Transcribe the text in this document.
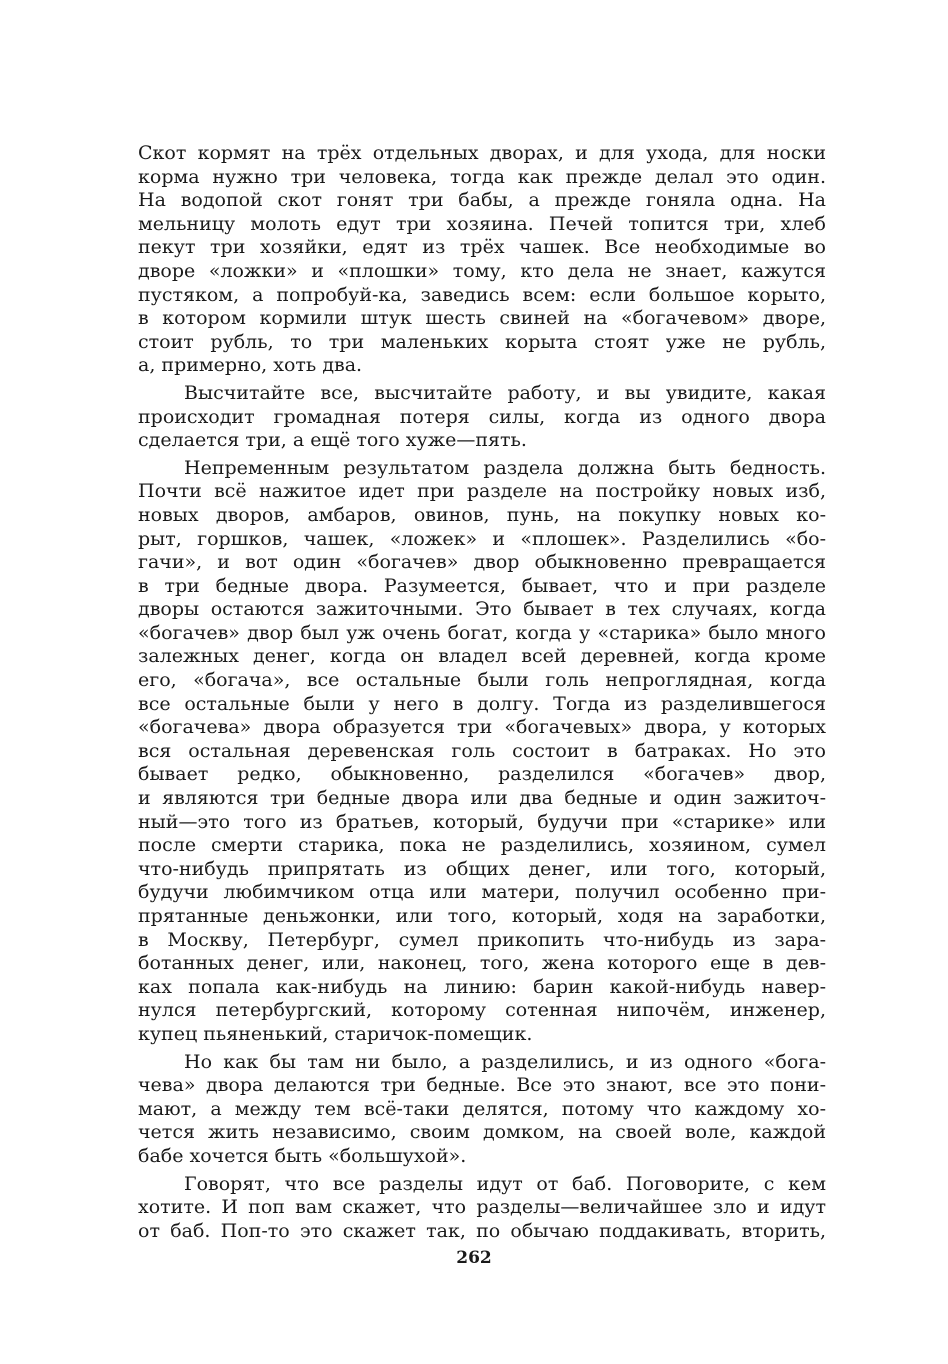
Скот кормят на трёх отдельных дворах, и для ухода, для носки
корма нужно три человека, тогда как прежде делал это один.
На водопой скот гонят три бабы, а прежде гоняла одна. На
мельницу молоть едут три хозяина. Печей топится три, хлеб
пекут три хозяйки, едят из трёх чашек. Все необходимые во
дворе «ложки» и «плошки» тому, кто дела не знает, кажутся
пустяком, а попробуй-ка, заведись всем: если большое корыто,
в котором кормили штук шесть свиней на «богачевом» дворе,
стоит рубль, то три маленьких корыта стоят уже не рубль,
а, примерно, хоть два.
Высчитайте все, высчитайте работу, и вы увидите, какая
происходит громадная потеря силы, когда из одного двора
сделается три, а ещё того хуже—пять.
Непременным результатом раздела должна быть бедность.
Почти всё нажитое идет при разделе на постройку новых изб,
новых дворов, амбаров, овинов, пунь, на покупку новых ко-
рыт, горшков, чашек, «ложек» и «плошек». Разделились «бо-
гачи», и вот один «богачев» двор обыкновенно превращается
в три бедные двора. Разумеется, бывает, что и при разделе
дворы остаются зажиточными. Это бывает в тех случаях, когда
«богачев» двор был уж очень богат, когда у «старика» было много
залежных денег, когда он владел всей деревней, когда кроме
его, «богача», все остальные были голь непроглядная, когда
все остальные были у него в долгу. Тогда из разделившегося
«богачева» двора образуется три «богачевых» двора, у которых
вся остальная деревенская голь состоит в батраках. Но это
бывает редко, обыкновенно, разделился «богачев» двор,
и являются три бедные двора или два бедные и один зажиточ-
ный—это того из братьев, который, будучи при «старике» или
после смерти старика, пока не разделились, хозяином, сумел
что-нибудь припрятать из общих денег, или того, который,
будучи любимчиком отца или матери, получил особенно при-
прятанные деньжонки, или того, который, ходя на заработки,
в Москву, Петербург, сумел прикопить что-нибудь из зара-
ботанных денег, или, наконец, того, жена которого еще в дев-
ках попала как-нибудь на линию: барин какой-нибудь навер-
нулся петербургский, которому сотенная нипочём, инженер,
купец пьяненький, старичок-помещик.
Но как бы там ни было, а разделились, и из одного «бога-
чева» двора делаются три бедные. Все это знают, все это пони-
мают, а между тем всё-таки делятся, потому что каждому хо-
чется жить независимо, своим домком, на своей воле, каждой
бабе хочется быть «большухой».
Говорят, что все разделы идут от баб. Поговорите, с кем
хотите. И поп вам скажет, что разделы—величайшее зло и идут
от баб. Поп-то это скажет так, по обычаю поддакивать, вторить,
262
